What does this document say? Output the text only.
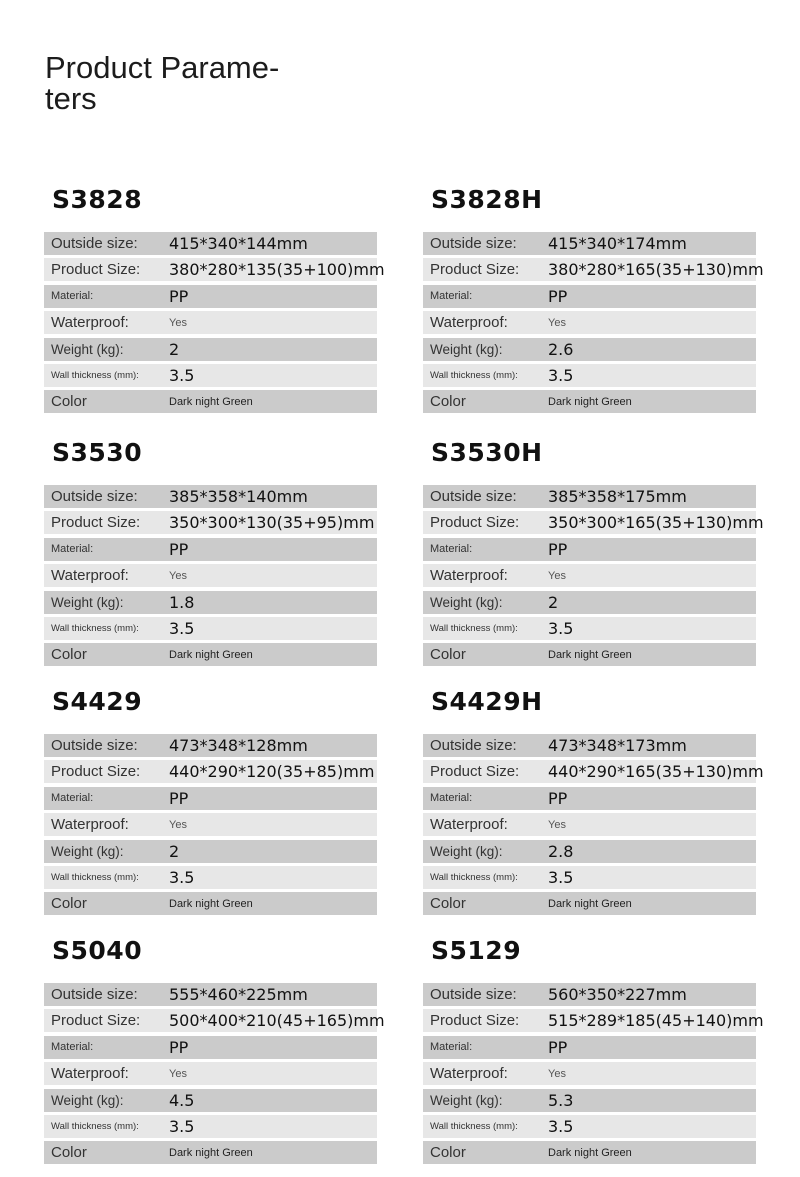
Product Parame-
ters
S3828
Outside size: 415*340*144mm
Product Size: 380*280*135(35+100)mm
Material:	PP
Waterproof:	Yes
Weight (kg):	2
Wall thickness (mm): 3.5
Color	Dark night Green
S3828H
Outside size: 415*340*174mm
Product Size: 380*280*165(35+130)mm
Material:	PP
Waterproof:	Yes
Weight (kg):	2.6
Wall thickness (mm): 3.5
Color	Dark night Green
S3530
Outside size: 385*358*140mm
Product Size: 350*300*130(35+95)mm
Material:	PP
Waterproof:	Yes
Weight (kg):	1.8
Wall thickness (mm): 3.5
Color	Dark night Green
S3530H
Outside size: 385*358*175mm
Product Size: 350*300*165(35+130)mm
Material:	PP
Waterproof:	Yes
Weight (kg):	2
Wall thickness (mm): 3.5
Color	Dark night Green
S4429
Outside size: 473*348*128mm
Product Size: 440*290*120(35+85)mm
Material:	PP
Waterproof:	Yes
Weight (kg):	2
Wall thickness (mm): 3.5
Color	Dark night Green
S4429H
Outside size: 473*348*173mm
Product Size: 440*290*165(35+130)mm
Material:	PP
Waterproof:	Yes
Weight (kg):	2.8
Wall thickness (mm): 3.5
Color	Dark night Green
S5040
Outside size: 555*460*225mm
Product Size: 500*400*210(45+165)mm
Material:	PP
Waterproof:	Yes
Weight (kg):	4.5
Wall thickness (mm): 3.5
Color	Dark night Green
S5129
Outside size: 560*350*227mm
Product Size: 515*289*185(45+140)mm
Material:	PP
Waterproof:	Yes
Weight (kg):	5.3
Wall thickness (mm): 3.5
Color	Dark night Green
